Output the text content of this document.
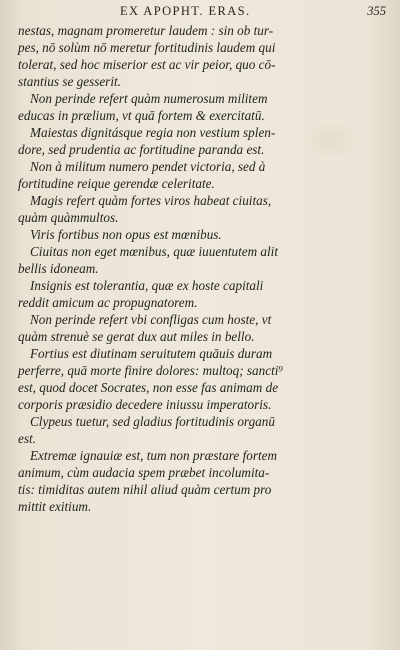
EX APOPHT. ERAS.	355
nestas, magnam promeretur laudem : sin ob tur-
pes, nō solùm nō meretur fortitudinis laudem qui
tolerat, sed hoc miserior est ac vir peior, quo cō-
stantius se gesserit.
Non perinde refert quàm numerosum militem
educas in prælium, vt quā fortem & exercitatū.
Maiestas dignitásque regia non vestium splen-
dore, sed prudentia ac fortitudine paranda est.
Non à militum numero pendet victoria, sed à
fortitudine reique gerendæ celeritate.
Magis refert quàm fortes viros habeat ciuitas,
quàm quàmmultos.
Viris fortibus non opus est mœnibus.
Ciuitas non eget mœnibus, quæ iuuentutem alit
bellis idoneam.
Insignis est tolerantia, quæ ex hoste capitali
reddit amicum ac propugnatorem.
Non perinde refert vbi confligas cum hoste, vt
quàm strenuè se gerat dux aut miles in bello.
Fortius est diutinam seruitutem quāuis duram
perferre, quā morte finire dolores: multoq; sancti⁹
est, quod docet Socrates, non esse fas animam de
corporis præsidio decedere iniussu imperatoris.
Clypeus tuetur, sed gladius fortitudinis organū
est.
Extremæ ignauiæ est, tum non præstare fortem
animum, cùm audacia spem præbet incolumita-
tis: timiditas autem nihil aliud quàm certum pro
mittit exitium.
